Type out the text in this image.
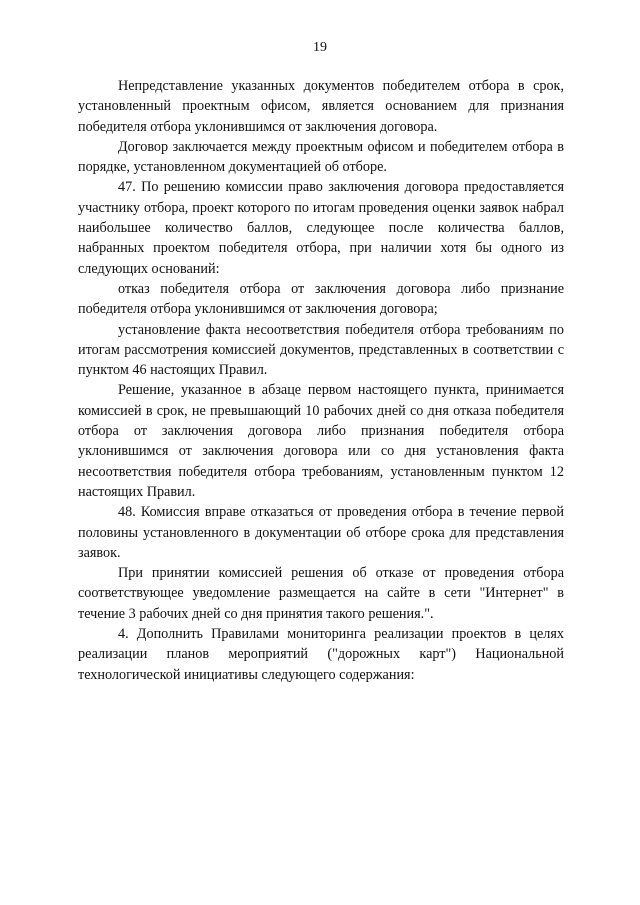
19

Непредставление указанных документов победителем отбора в срок, установленный проектным офисом, является основанием для признания победителя отбора уклонившимся от заключения договора.

Договор заключается между проектным офисом и победителем отбора в порядке, установленном документацией об отборе.

47. По решению комиссии право заключения договора предоставляется участнику отбора, проект которого по итогам проведения оценки заявок набрал наибольшее количество баллов, следующее после количества баллов, набранных проектом победителя отбора, при наличии хотя бы одного из следующих оснований:

отказ победителя отбора от заключения договора либо признание победителя отбора уклонившимся от заключения договора;

установление факта несоответствия победителя отбора требованиям по итогам рассмотрения комиссией документов, представленных в соответствии с пунктом 46 настоящих Правил.

Решение, указанное в абзаце первом настоящего пункта, принимается комиссией в срок, не превышающий 10 рабочих дней со дня отказа победителя отбора от заключения договора либо признания победителя отбора уклонившимся от заключения договора или со дня установления факта несоответствия победителя отбора требованиям, установленным пунктом 12 настоящих Правил.

48. Комиссия вправе отказаться от проведения отбора в течение первой половины установленного в документации об отборе срока для представления заявок.

При принятии комиссией решения об отказе от проведения отбора соответствующее уведомление размещается на сайте в сети "Интернет" в течение 3 рабочих дней со дня принятия такого решения.".

4. Дополнить Правилами мониторинга реализации проектов в целях реализации планов мероприятий ("дорожных карт") Национальной технологической инициативы следующего содержания:
